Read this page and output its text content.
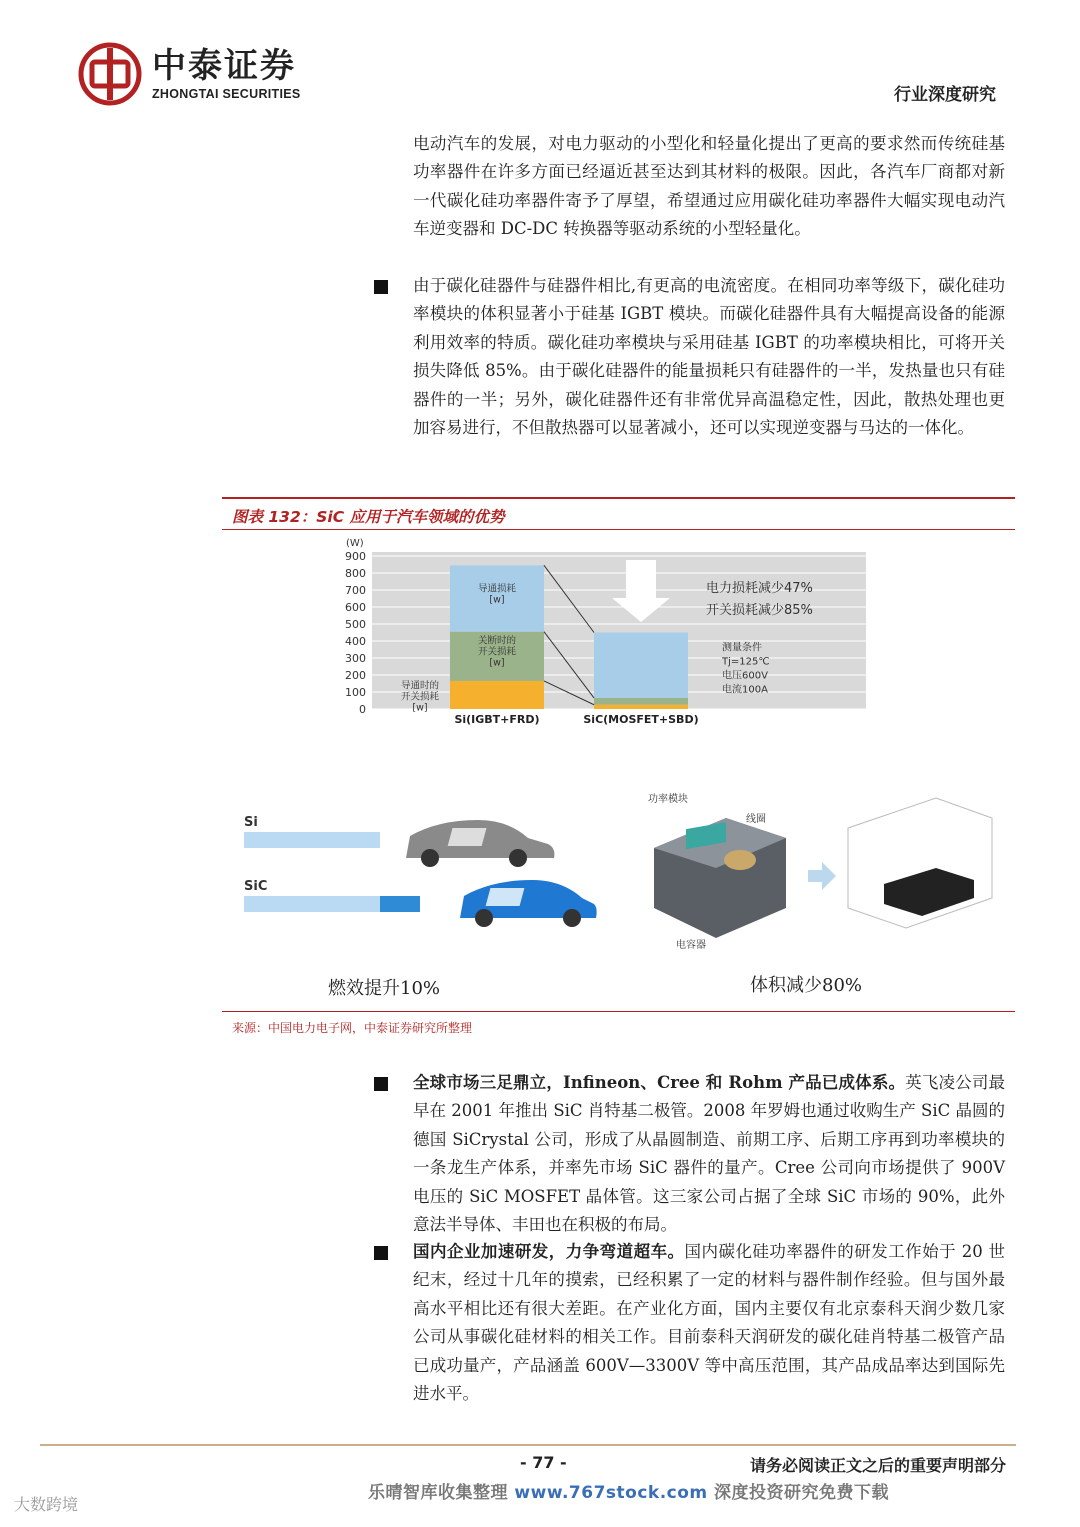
中泰证券
ZHONGTAI SECURITIES	行业深度研究
电动汽车的发展，对电力驱动的小型化和轻量化提出了更高的要求然而传统硅基功率器件在许多方面已经逼近甚至达到其材料的极限。因此，各汽车厂商都对新一代碳化硅功率器件寄予了厚望，希望通过应用碳化硅功率器件大幅实现电动汽车逆变器和 DC-DC 转换器等驱动系统的小型轻量化。
由于碳化硅器件与硅器件相比,有更高的电流密度。在相同功率等级下，碳化硅功率模块的体积显著小于硅基 IGBT 模块。而碳化硅器件具有大幅提高设备的能源利用效率的特质。碳化硅功率模块与采用硅基 IGBT 的功率模块相比，可将开关损失降低 85%。由于碳化硅器件的能量损耗只有硅器件的一半，发热量也只有硅器件的一半；另外，碳化硅器件还有非常优异高温稳定性，因此，散热处理也更加容易进行，不但散热器可以显著减小，还可以实现逆变器与马达的一体化。
图表 132：SiC 应用于汽车领域的优势
0
100
200
300
400
500
600
700
800
900
(W)
Si(IGBT+FRD)	SiC(MOSFET+SBD)
导通损耗
[w]
关断时的
开关损耗
[w]
导通时的
开关损耗
[w]
电力损耗减少47%
开关损耗减少85%
测量条件
Tj=125℃
电压600V
电流100A
Si
SiC
功率模块
线圈
电容器
燃效提升10%	体积减少80%
来源：中国电力电子网，中泰证券研究所整理
全球市场三足鼎立，Infineon、Cree 和 Rohm 产品已成体系。英飞凌公司最早在 2001 年推出 SiC 肖特基二极管。2008 年罗姆也通过收购生产 SiC 晶圆的德国 SiCrystal 公司，形成了从晶圆制造、前期工序、后期工序再到功率模块的一条龙生产体系，并率先市场 SiC 器件的量产。Cree 公司向市场提供了 900V 电压的 SiC MOSFET 晶体管。这三家公司占据了全球 SiC 市场的 90%，此外意法半导体、丰田也在积极的布局。
国内企业加速研发，力争弯道超车。国内碳化硅功率器件的研发工作始于 20 世纪末，经过十几年的摸索，已经积累了一定的材料与器件制作经验。但与国外最高水平相比还有很大差距。在产业化方面，国内主要仅有北京泰科天润少数几家公司从事碳化硅材料的相关工作。目前泰科天润研发的碳化硅肖特基二极管产品已成功量产，产品涵盖 600V—3300V 等中高压范围，其产品成品率达到国际先进水平。
- 77 -	请务必阅读正文之后的重要声明部分
乐晴智库收集整理 www.767stock.com 深度投资研究免费下载
大数跨境
